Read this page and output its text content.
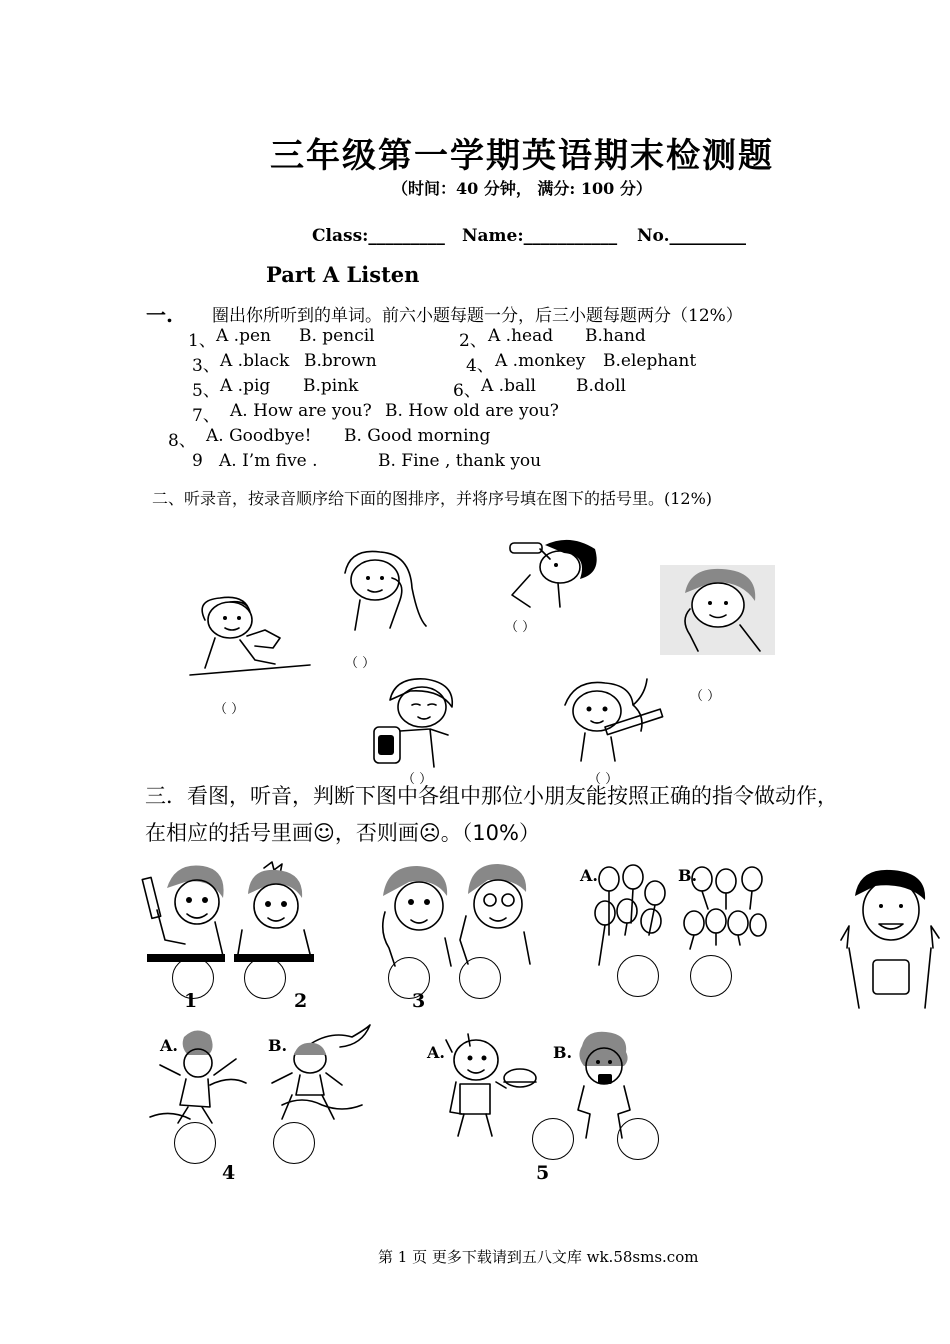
三年级第一学期英语期末检测题
（时间：40 分钟， 满分: 100 分）
Class:_________ Name:___________ No._________
Part A Listen
一. 圈出你所听到的单词。前六小题每题一分，后三小题每题两分（12%）
1、 A .pen B. pencil	2、 A .head B.hand
3、 A .black B.brown	4、 A .monkey B.elephant
5、 A .pig B.pink	6、 A .ball B.doll
7、 A. How are you? B. How old are you?
8、 A. Goodbye! B. Good morning
9 A. I’m five .	B. Fine , thank you
二、听录音，按录音顺序给下面的图排序，并将序号填在图下的括号里。(12%)
（ ）
（ ）
（ ）
（ ）
（ ）	（ ）
三．看图，听音，判断下图中各组中那位小朋友能按照正确的指令做动作，
在相应的括号里画☺，否则画☹。（10%）
1	2	3
A.	B.
A.	B.
4
A.	B.
5
第 1 页 更多下载请到五八文库 wk.58sms.com
